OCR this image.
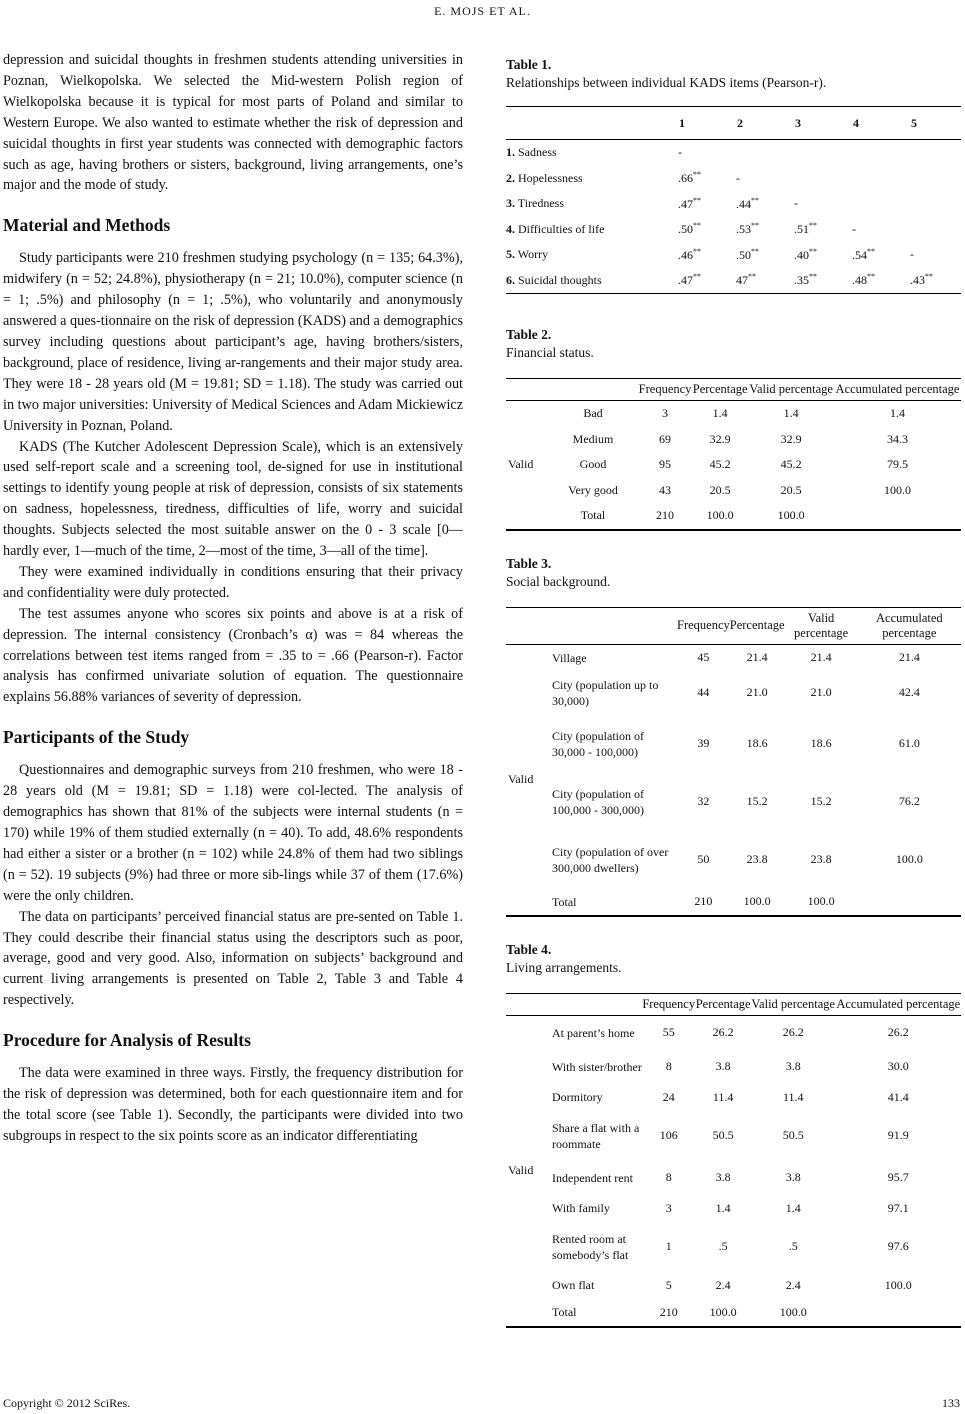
E. MOJS ET AL.

depression and suicidal thoughts in freshmen students attending universities in Poznan, Wielkopolska. We selected the Mid-western Polish region of Wielkopolska because it is typical for most parts of Poland and similar to Western Europe. We also wanted to estimate whether the risk of depression and suicidal thoughts in first year students was connected with demographic factors such as age, having brothers or sisters, background, living arrangements, one’s major and the mode of study.

Material and Methods

Study participants were 210 freshmen studying psychology (n = 135; 64.3%), midwifery (n = 52; 24.8%), physiotherapy (n = 21; 10.0%), computer science (n = 1; .5%) and philosophy (n = 1; .5%), who voluntarily and anonymously answered a ques-tionnaire on the risk of depression (KADS) and a demographics survey including questions about participant’s age, having brothers/sisters, background, place of residence, living ar-rangements and their major study area. They were 18 - 28 years old (M = 19.81; SD = 1.18). The study was carried out in two major universities: University of Medical Sciences and Adam Mickiewicz University in Poznan, Poland.

KADS (The Kutcher Adolescent Depression Scale), which is an extensively used self-report scale and a screening tool, de-signed for use in institutional settings to identify young people at risk of depression, consists of six statements on sadness, hopelessness, tiredness, difficulties of life, worry and suicidal thoughts. Subjects selected the most suitable answer on the 0 - 3 scale [0—hardly ever, 1—much of the time, 2—most of the time, 3—all of the time].

They were examined individually in conditions ensuring that their privacy and confidentiality were duly protected.

The test assumes anyone who scores six points and above is at a risk of depression. The internal consistency (Cronbach’s α) was = 84 whereas the correlations between test items ranged from = .35 to = .66 (Pearson-r). Factor analysis has confirmed univariate solution of equation. The questionnaire explains 56.88% variances of severity of depression.

Participants of the Study

Questionnaires and demographic surveys from 210 freshmen, who were 18 - 28 years old (M = 19.81; SD = 1.18) were col-lected. The analysis of demographics has shown that 81% of the subjects were internal students (n = 170) while 19% of them studied externally (n = 40). To add, 48.6% respondents had either a sister or a brother (n = 102) while 24.8% of them had two siblings (n = 52). 19 subjects (9%) had three or more sib-lings while 37 of them (17.6%) were the only children.

The data on participants’ perceived financial status are pre-sented on Table 1. They could describe their financial status using the descriptors such as poor, average, good and very good. Also, information on subjects’ background and current living arrangements is presented on Table 2, Table 3 and Table 4 respectively.

Procedure for Analysis of Results

The data were examined in three ways. Firstly, the frequency distribution for the risk of depression was determined, both for each questionnaire item and for the total score (see Table 1). Secondly, the participants were divided into two subgroups in respect to the six points score as an indicator differentiating

Table 1.
Relationships between individual KADS items (Pearson-r).
	1	2	3	4	5
1. Sadness	-				
2. Hopelessness	.66**	-			
3. Tiredness	.47**	.44**	-		
4. Difficulties of life	.50**	.53**	.51**	-	
5. Worry	.46**	.50**	.40**	.54**	-
6. Suicidal thoughts	.47**	47**	.35**	.48**	.43**
Table 2.
Financial status.
		Frequency	Percentage	Valid percentage	Accumulated percentage
Valid	Bad	3	1.4	1.4	1.4
	Medium	69	32.9	32.9	34.3
	Good	95	45.2	45.2	79.5
	Very good	43	20.5	20.5	100.0
	Total	210	100.0	100.0	
Table 3.
Social background.
		Frequency	Percentage	Valid percentage	Accumulated percentage
Valid	Village	45	21.4	21.4	21.4
	City (population up to 30,000)	44	21.0	21.0	42.4
	City (population of 30,000 - 100,000)	39	18.6	18.6	61.0
	City (population of 100,000 - 300,000)	32	15.2	15.2	76.2
	City (population of over 300,000 dwellers)	50	23.8	23.8	100.0
	Total	210	100.0	100.0	
Table 4.
Living arrangements.
		Frequency	Percentage	Valid percentage	Accumulated percentage
Valid	At parent’s home	55	26.2	26.2	26.2
	With sister/brother	8	3.8	3.8	30.0
	Dormitory	24	11.4	11.4	41.4
	Share a flat with a roommate	106	50.5	50.5	91.9
	Independent rent	8	3.8	3.8	95.7
	With family	3	1.4	1.4	97.1
	Rented room at somebody’s flat	1	.5	.5	97.6
	Own flat	5	2.4	2.4	100.0
	Total	210	100.0	100.0	
Copyright © 2012 SciRes.	133
